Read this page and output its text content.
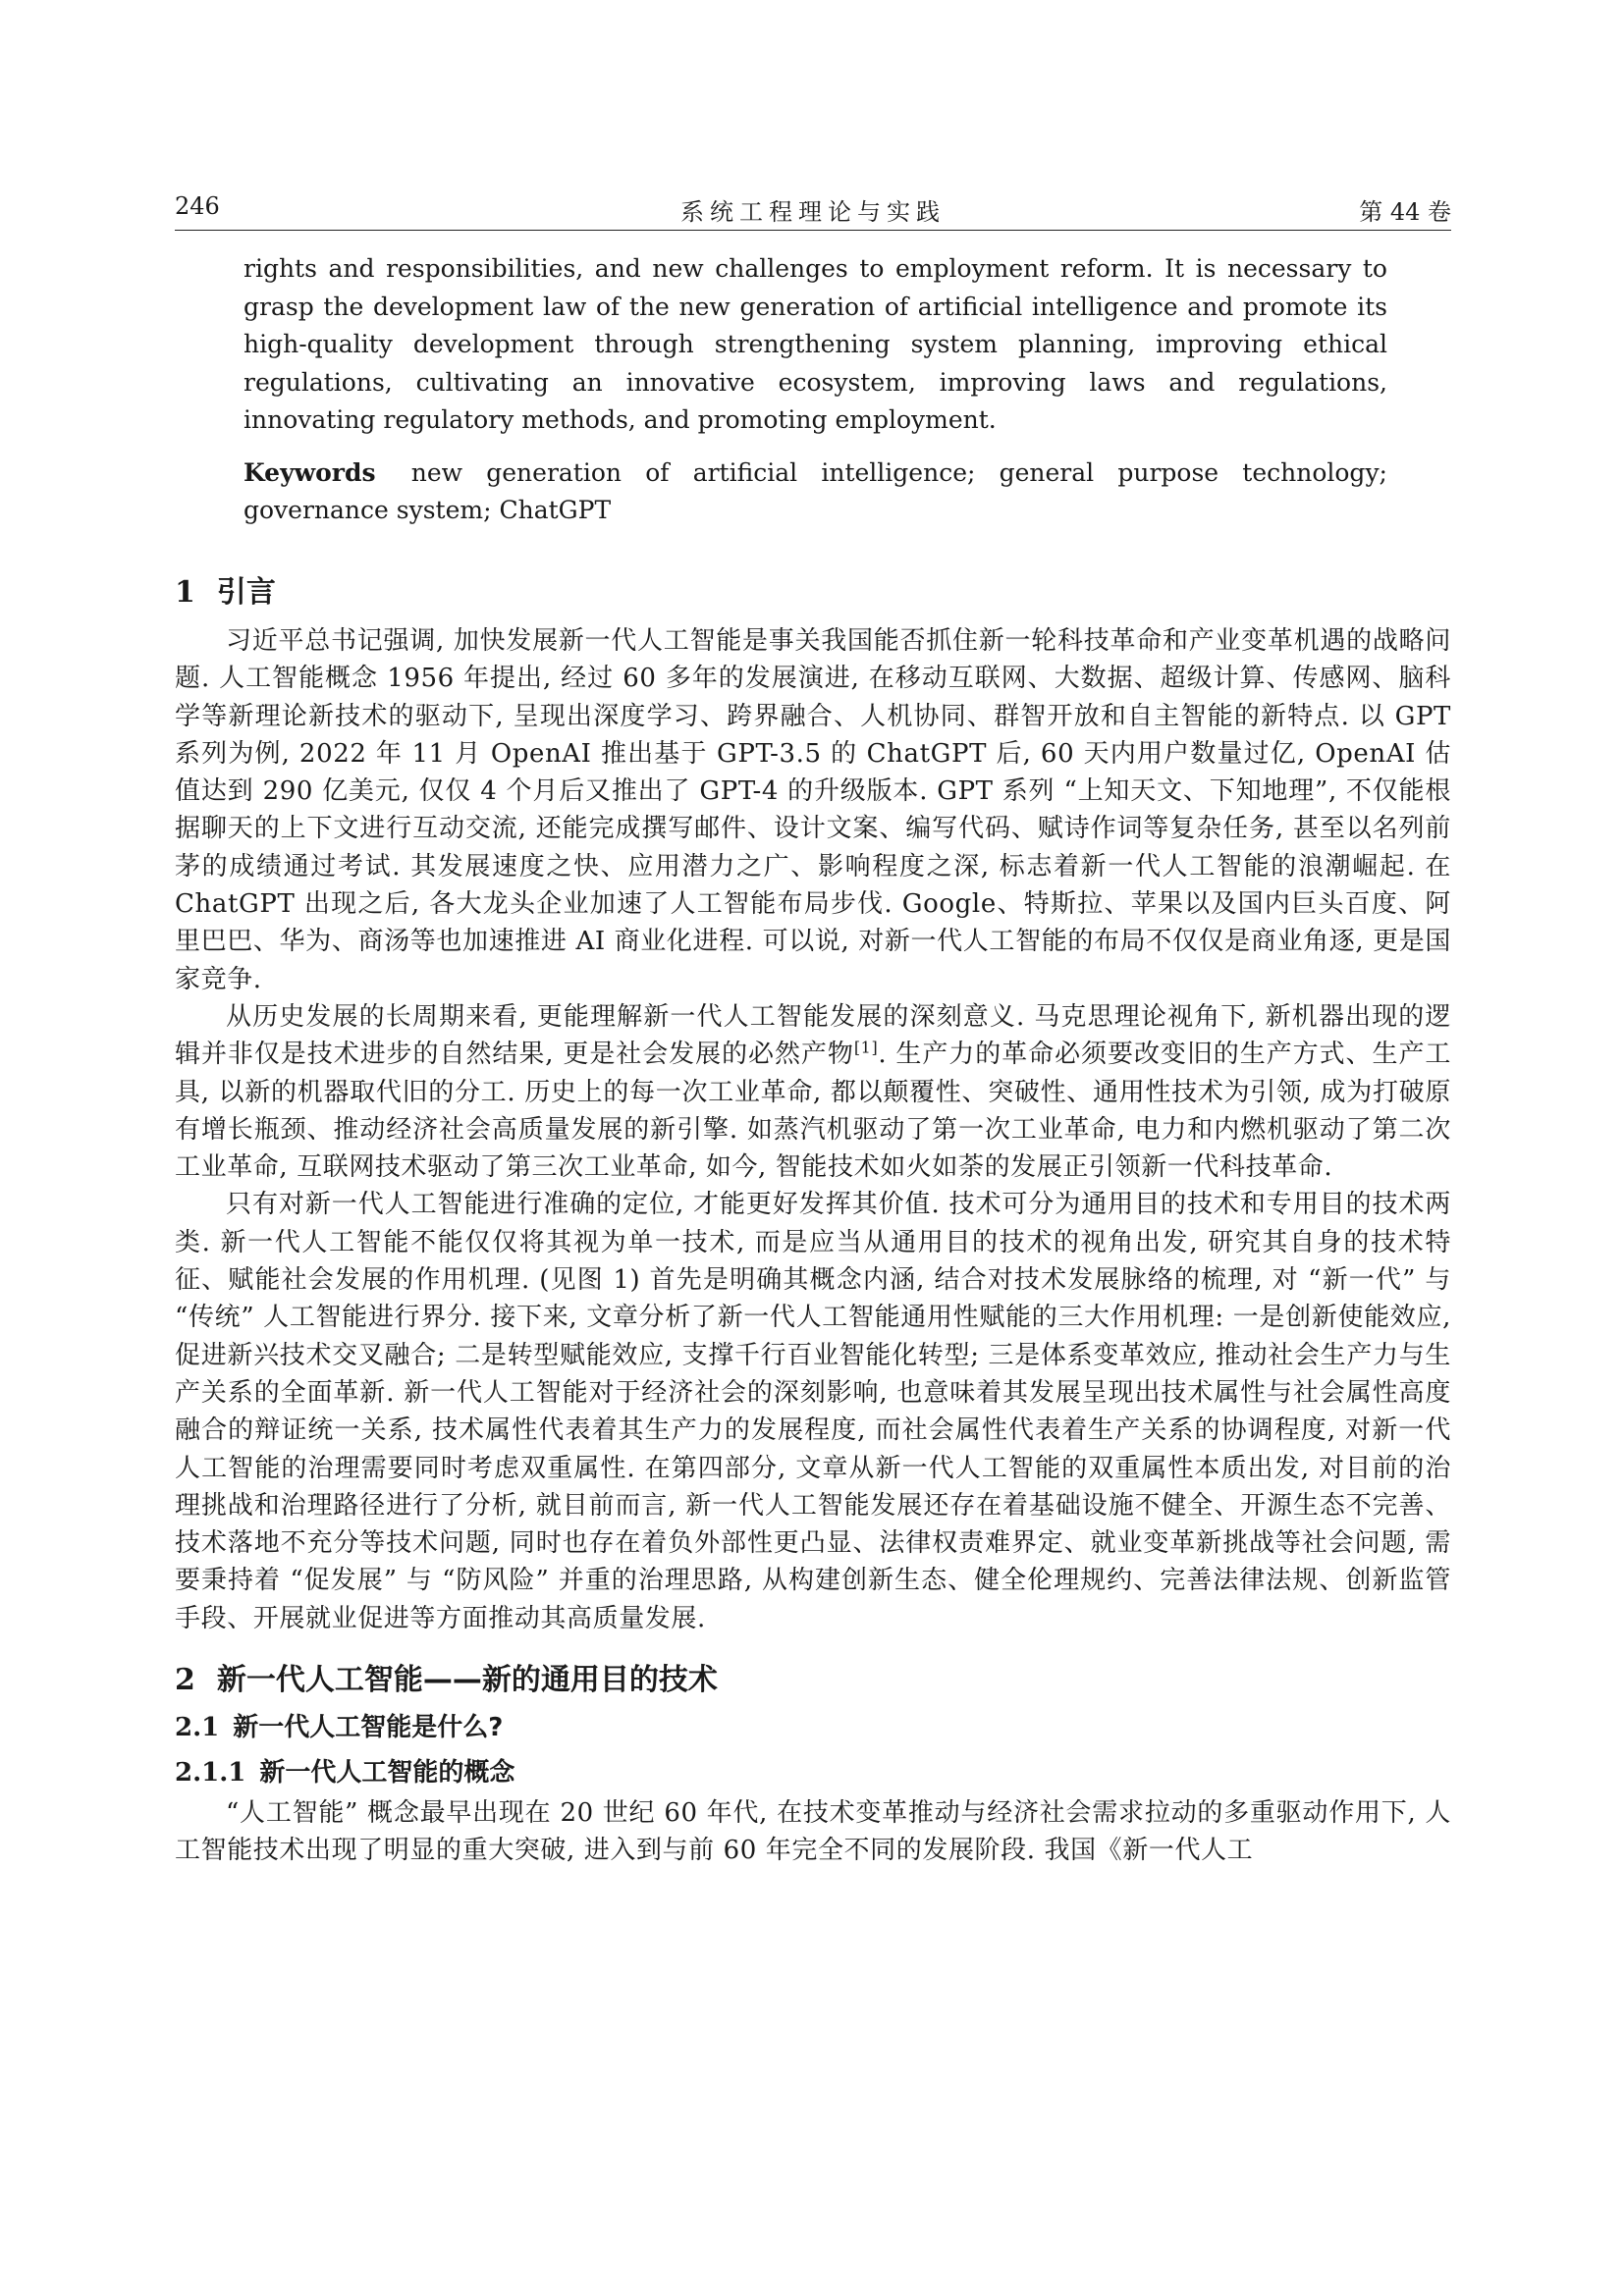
246	系统工程理论与实践	第 44 卷

rights and responsibilities, and new challenges to employment reform. It is necessary to grasp the development law of the new generation of artificial intelligence and promote its high-quality development through strengthening system planning, improving ethical regulations, cultivating an innovative ecosystem, improving laws and regulations, innovating regulatory methods, and promoting employment.

Keywords new generation of artificial intelligence; general purpose technology; governance system; ChatGPT

1 引言

习近平总书记强调, 加快发展新一代人工智能是事关我国能否抓住新一轮科技革命和产业变革机遇的战略问题. 人工智能概念 1956 年提出, 经过 60 多年的发展演进, 在移动互联网、大数据、超级计算、传感网、脑科学等新理论新技术的驱动下, 呈现出深度学习、跨界融合、人机协同、群智开放和自主智能的新特点. 以 GPT 系列为例, 2022 年 11 月 OpenAI 推出基于 GPT-3.5 的 ChatGPT 后, 60 天内用户数量过亿, OpenAI 估值达到 290 亿美元, 仅仅 4 个月后又推出了 GPT-4 的升级版本. GPT 系列 “上知天文、下知地理”, 不仅能根据聊天的上下文进行互动交流, 还能完成撰写邮件、设计文案、编写代码、赋诗作词等复杂任务, 甚至以名列前茅的成绩通过考试. 其发展速度之快、应用潜力之广、影响程度之深, 标志着新一代人工智能的浪潮崛起. 在 ChatGPT 出现之后, 各大龙头企业加速了人工智能布局步伐. Google、特斯拉、苹果以及国内巨头百度、阿里巴巴、华为、商汤等也加速推进 AI 商业化进程. 可以说, 对新一代人工智能的布局不仅仅是商业角逐, 更是国家竞争.

从历史发展的长周期来看, 更能理解新一代人工智能发展的深刻意义. 马克思理论视角下, 新机器出现的逻辑并非仅是技术进步的自然结果, 更是社会发展的必然产物[1]. 生产力的革命必须要改变旧的生产方式、生产工具, 以新的机器取代旧的分工. 历史上的每一次工业革命, 都以颠覆性、突破性、通用性技术为引领, 成为打破原有增长瓶颈、推动经济社会高质量发展的新引擎. 如蒸汽机驱动了第一次工业革命, 电力和内燃机驱动了第二次工业革命, 互联网技术驱动了第三次工业革命, 如今, 智能技术如火如荼的发展正引领新一代科技革命.

只有对新一代人工智能进行准确的定位, 才能更好发挥其价值. 技术可分为通用目的技术和专用目的技术两类. 新一代人工智能不能仅仅将其视为单一技术, 而是应当从通用目的技术的视角出发, 研究其自身的技术特征、赋能社会发展的作用机理. (见图 1) 首先是明确其概念内涵, 结合对技术发展脉络的梳理, 对 “新一代” 与 “传统” 人工智能进行界分. 接下来, 文章分析了新一代人工智能通用性赋能的三大作用机理: 一是创新使能效应, 促进新兴技术交叉融合; 二是转型赋能效应, 支撑千行百业智能化转型; 三是体系变革效应, 推动社会生产力与生产关系的全面革新. 新一代人工智能对于经济社会的深刻影响, 也意味着其发展呈现出技术属性与社会属性高度融合的辩证统一关系, 技术属性代表着其生产力的发展程度, 而社会属性代表着生产关系的协调程度, 对新一代人工智能的治理需要同时考虑双重属性. 在第四部分, 文章从新一代人工智能的双重属性本质出发, 对目前的治理挑战和治理路径进行了分析, 就目前而言, 新一代人工智能发展还存在着基础设施不健全、开源生态不完善、技术落地不充分等技术问题, 同时也存在着负外部性更凸显、法律权责难界定、就业变革新挑战等社会问题, 需要秉持着 “促发展” 与 “防风险” 并重的治理思路, 从构建创新生态、健全伦理规约、完善法律法规、创新监管手段、开展就业促进等方面推动其高质量发展.

2 新一代人工智能——新的通用目的技术
2.1 新一代人工智能是什么?
2.1.1 新一代人工智能的概念

“人工智能” 概念最早出现在 20 世纪 60 年代, 在技术变革推动与经济社会需求拉动的多重驱动作用下, 人工智能技术出现了明显的重大突破, 进入到与前 60 年完全不同的发展阶段. 我国《新一代人工
